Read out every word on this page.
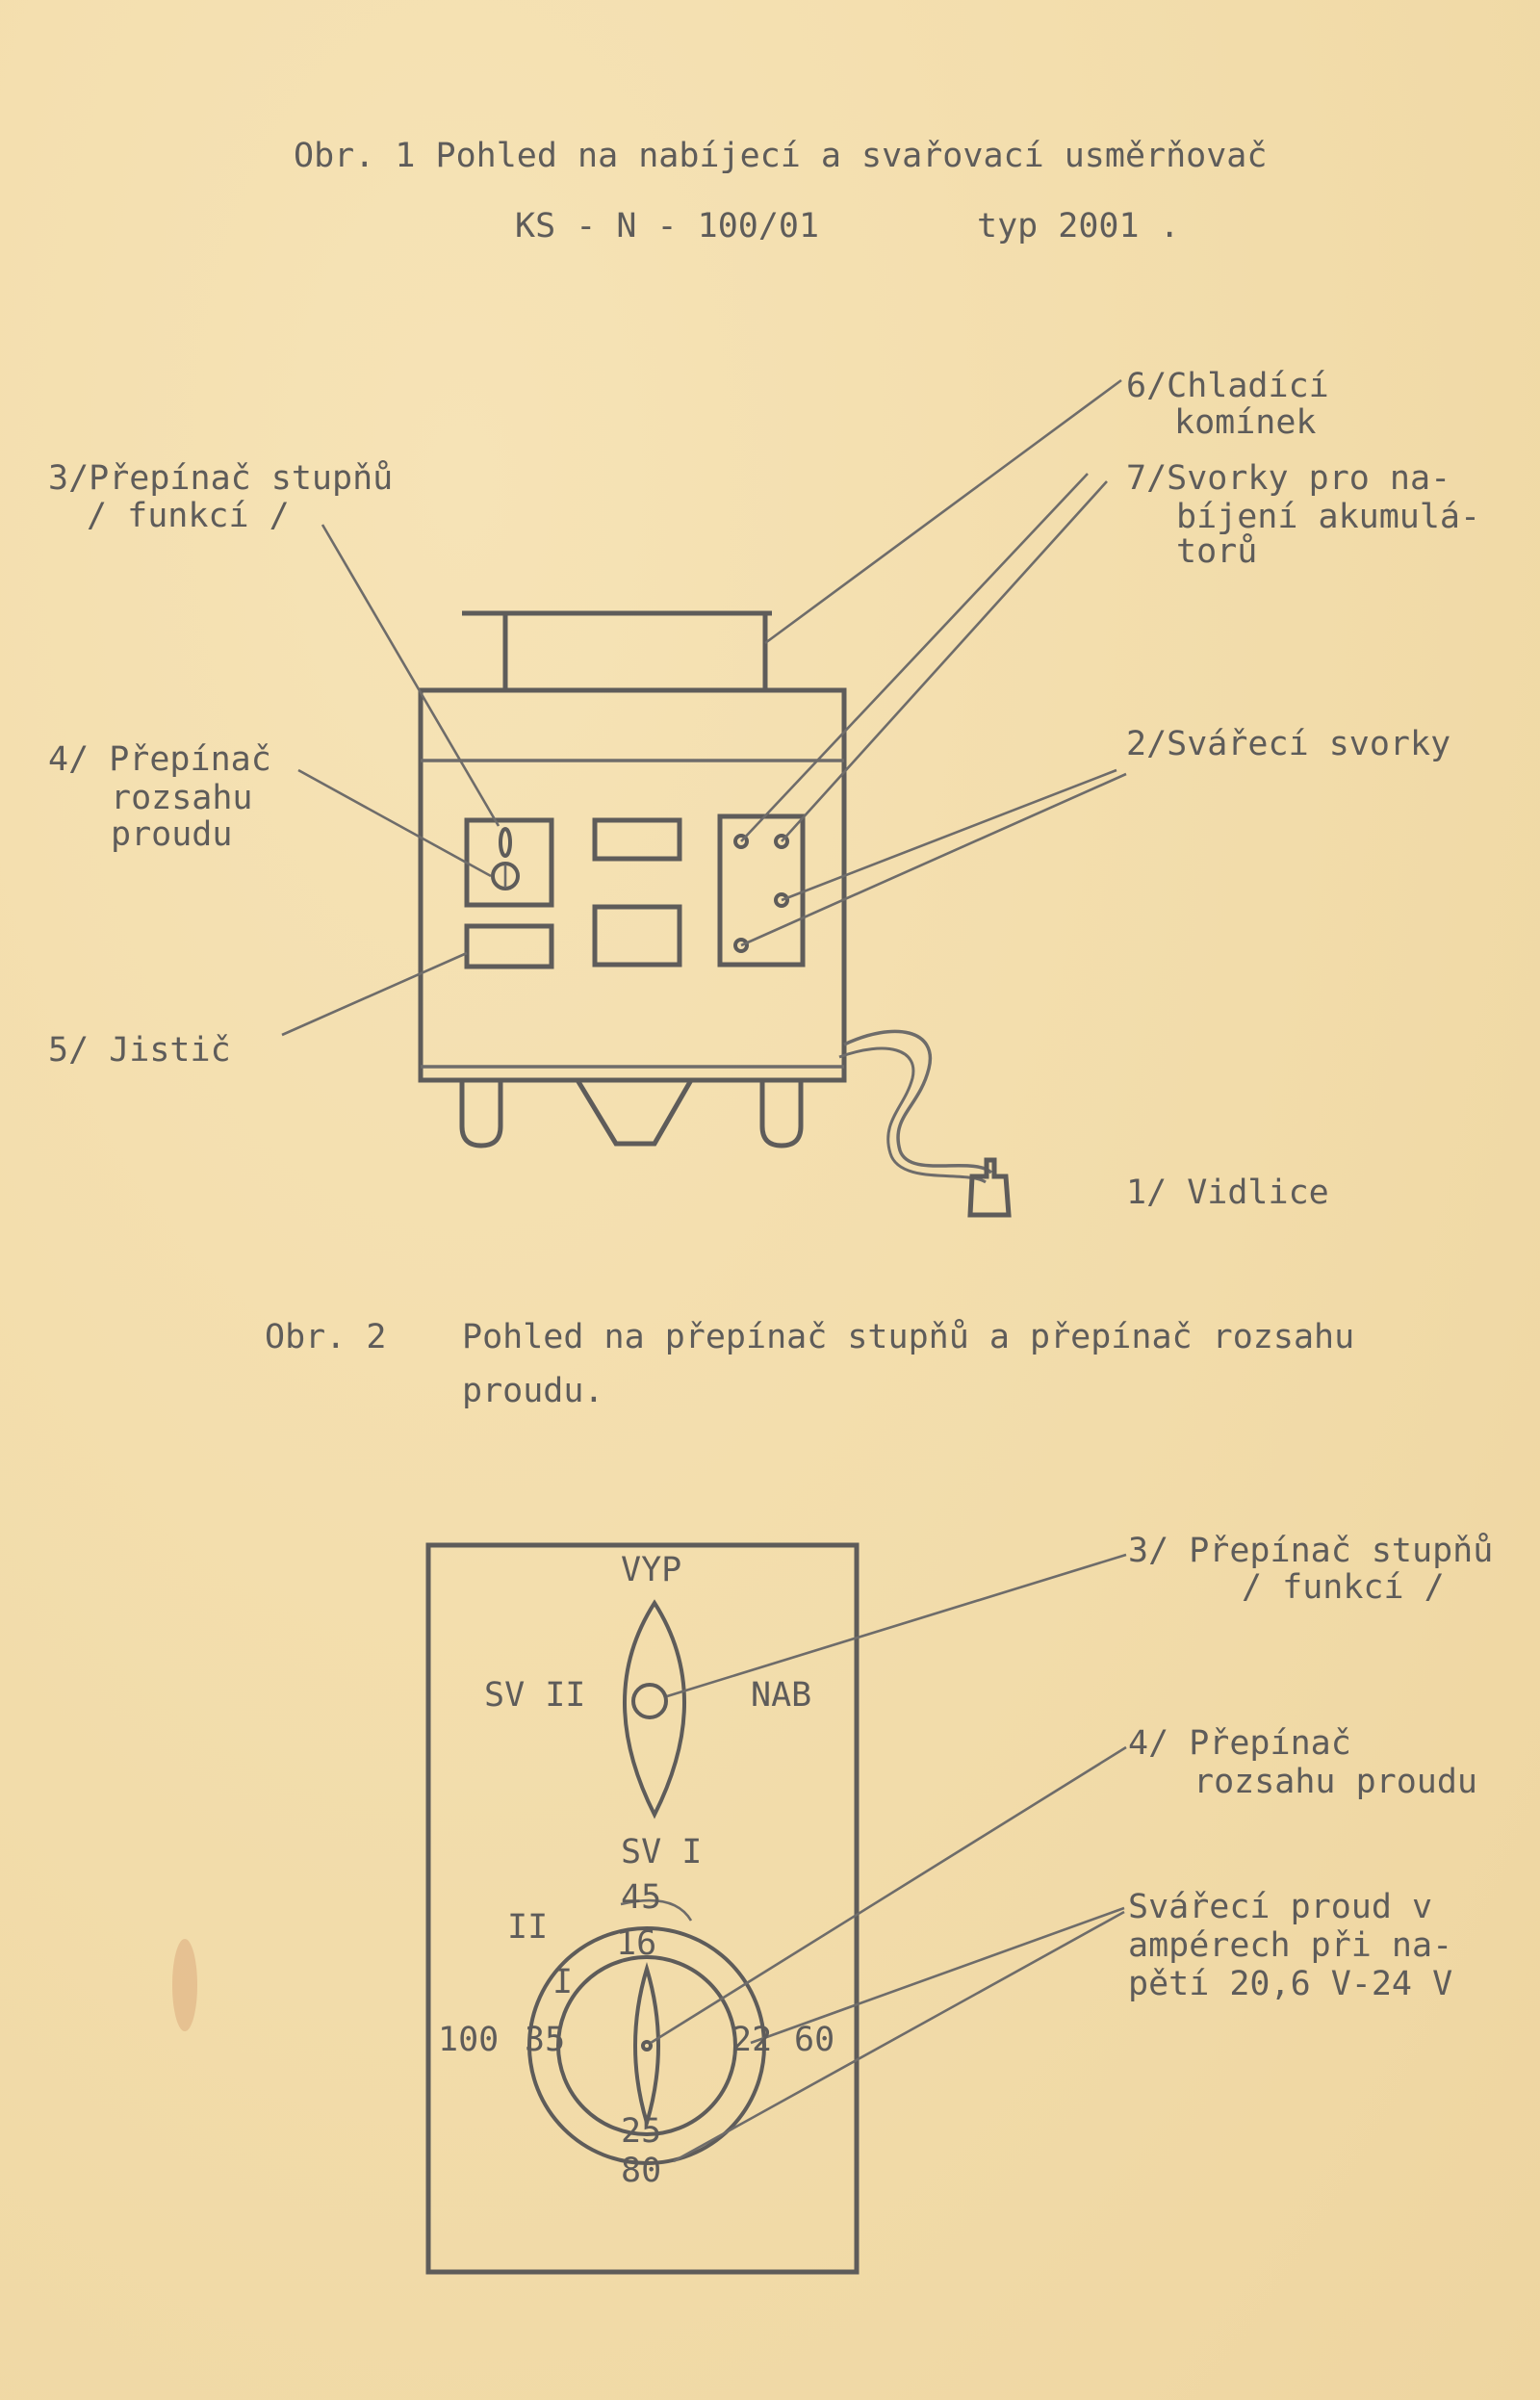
Obr. 1 Pohled na nabíjecí a svařovací usměrňovač
KS - N - 100/01	typ 2001 .
3/Přepínač stupňů
/ funkcí /
4/ Přepínač
rozsahu
proudu
5/ Jistič
6/Chladící
komínek
7/Svorky pro na-
bíjení akumulá-
torů
2/Svářecí svorky
1/ Vidlice
Obr. 2 Pohled na přepínač stupňů a přepínač rozsahu
proudu.
VYP
SV II	NAB
SV I
45
16
II
I
100 35	22 60
25
80
3/ Přepínač stupňů
/ funkcí /
4/ Přepínač
rozsahu proudu
Svářecí proud v
ampérech při na-
pětí 20,6 V-24 V
